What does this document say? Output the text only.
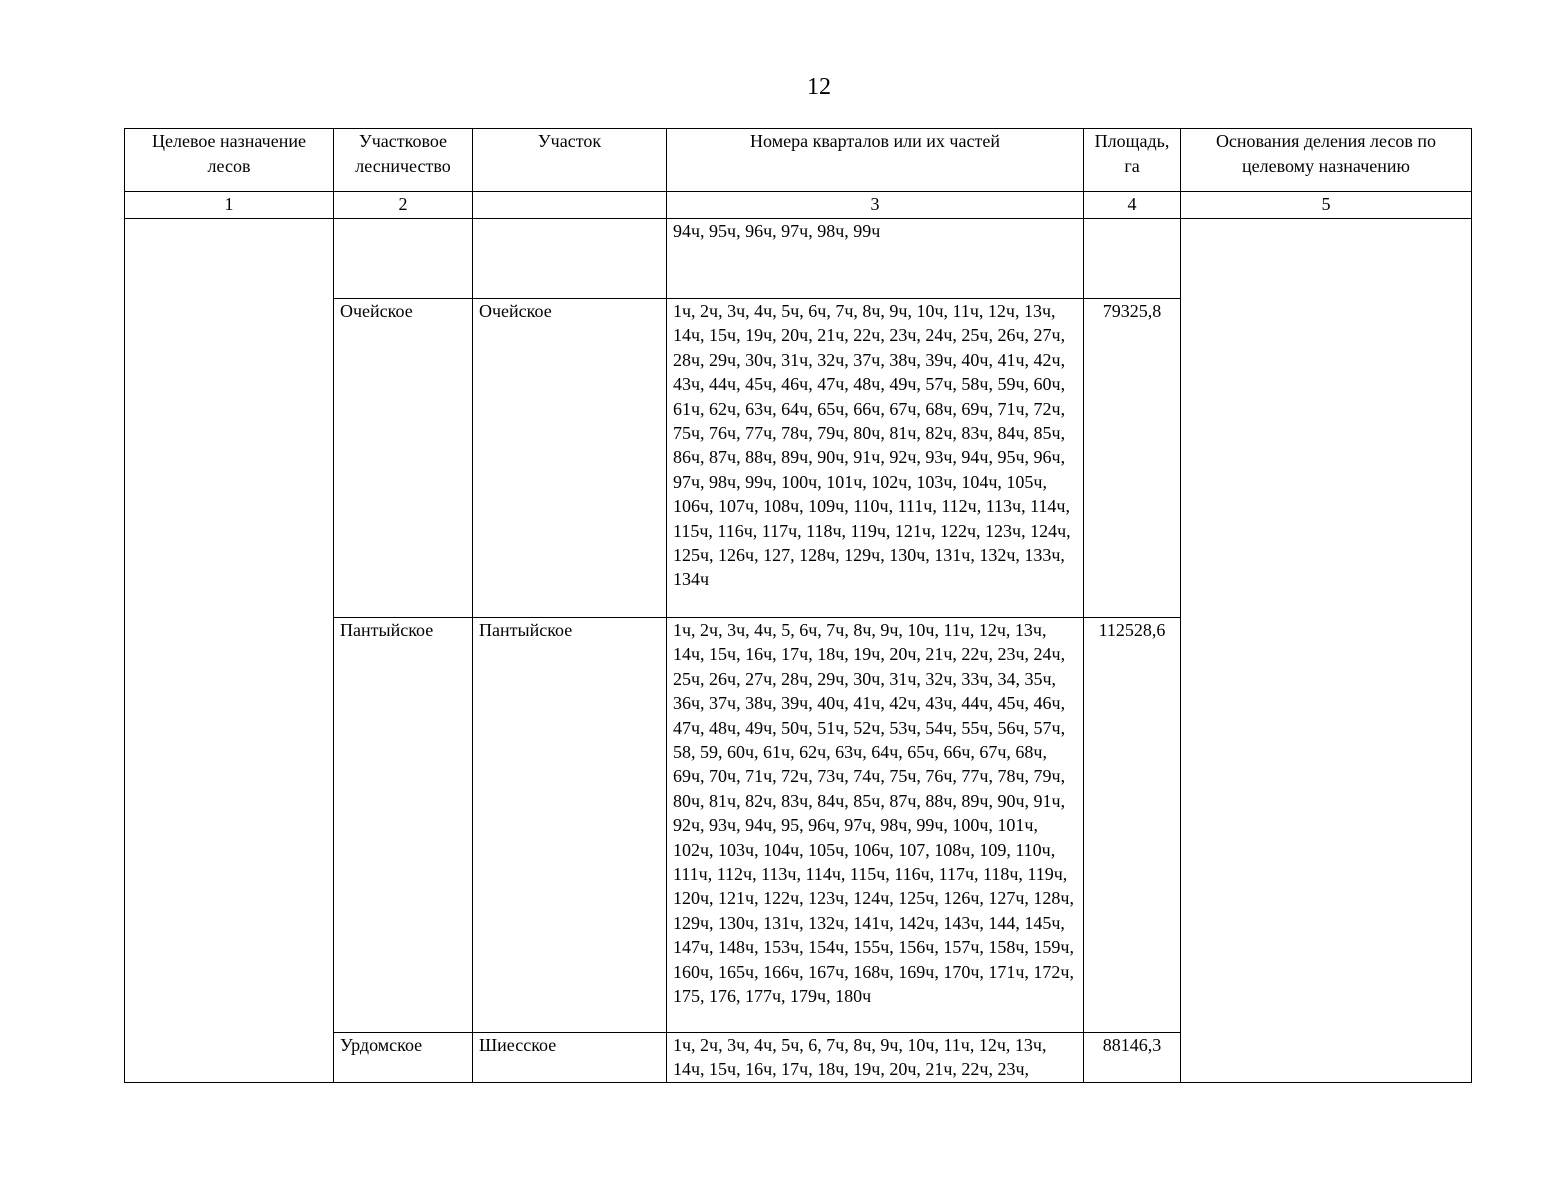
12
Целевое назначение лесов	Участковое лесничество	Участок	Номера кварталов или их частей	Площадь, га	Основания деления лесов по целевому назначению
1	2		3	4	5
			94ч, 95ч, 96ч, 97ч, 98ч, 99ч		
	Очейское	Очейское	1ч, 2ч, 3ч, 4ч, 5ч, 6ч, 7ч, 8ч, 9ч, 10ч, 11ч, 12ч, 13ч, 14ч, 15ч, 19ч, 20ч, 21ч, 22ч, 23ч, 24ч, 25ч, 26ч, 27ч, 28ч, 29ч, 30ч, 31ч, 32ч, 37ч, 38ч, 39ч, 40ч, 41ч, 42ч, 43ч, 44ч, 45ч, 46ч, 47ч, 48ч, 49ч, 57ч, 58ч, 59ч, 60ч, 61ч, 62ч, 63ч, 64ч, 65ч, 66ч, 67ч, 68ч, 69ч, 71ч, 72ч, 75ч, 76ч, 77ч, 78ч, 79ч, 80ч, 81ч, 82ч, 83ч, 84ч, 85ч, 86ч, 87ч, 88ч, 89ч, 90ч, 91ч, 92ч, 93ч, 94ч, 95ч, 96ч, 97ч, 98ч, 99ч, 100ч, 101ч, 102ч, 103ч, 104ч, 105ч, 106ч, 107ч, 108ч, 109ч, 110ч, 111ч, 112ч, 113ч, 114ч, 115ч, 116ч, 117ч, 118ч, 119ч, 121ч, 122ч, 123ч, 124ч, 125ч, 126ч, 127, 128ч, 129ч, 130ч, 131ч, 132ч, 133ч, 134ч	79325,8	
	Пантыйское	Пантыйское	1ч, 2ч, 3ч, 4ч, 5, 6ч, 7ч, 8ч, 9ч, 10ч, 11ч, 12ч, 13ч, 14ч, 15ч, 16ч, 17ч, 18ч, 19ч, 20ч, 21ч, 22ч, 23ч, 24ч, 25ч, 26ч, 27ч, 28ч, 29ч, 30ч, 31ч, 32ч, 33ч, 34, 35ч, 36ч, 37ч, 38ч, 39ч, 40ч, 41ч, 42ч, 43ч, 44ч, 45ч, 46ч, 47ч, 48ч, 49ч, 50ч, 51ч, 52ч, 53ч, 54ч, 55ч, 56ч, 57ч, 58, 59, 60ч, 61ч, 62ч, 63ч, 64ч, 65ч, 66ч, 67ч, 68ч, 69ч, 70ч, 71ч, 72ч, 73ч, 74ч, 75ч, 76ч, 77ч, 78ч, 79ч, 80ч, 81ч, 82ч, 83ч, 84ч, 85ч, 87ч, 88ч, 89ч, 90ч, 91ч, 92ч, 93ч, 94ч, 95, 96ч, 97ч, 98ч, 99ч, 100ч, 101ч, 102ч, 103ч, 104ч, 105ч, 106ч, 107, 108ч, 109, 110ч, 111ч, 112ч, 113ч, 114ч, 115ч, 116ч, 117ч, 118ч, 119ч, 120ч, 121ч, 122ч, 123ч, 124ч, 125ч, 126ч, 127ч, 128ч, 129ч, 130ч, 131ч, 132ч, 141ч, 142ч, 143ч, 144, 145ч, 147ч, 148ч, 153ч, 154ч, 155ч, 156ч, 157ч, 158ч, 159ч, 160ч, 165ч, 166ч, 167ч, 168ч, 169ч, 170ч, 171ч, 172ч, 175, 176, 177ч, 179ч, 180ч	112528,6	
	Урдомское	Шиесское	1ч, 2ч, 3ч, 4ч, 5ч, 6, 7ч, 8ч, 9ч, 10ч, 11ч, 12ч, 13ч, 14ч, 15ч, 16ч, 17ч, 18ч, 19ч, 20ч, 21ч, 22ч, 23ч,	88146,3	
